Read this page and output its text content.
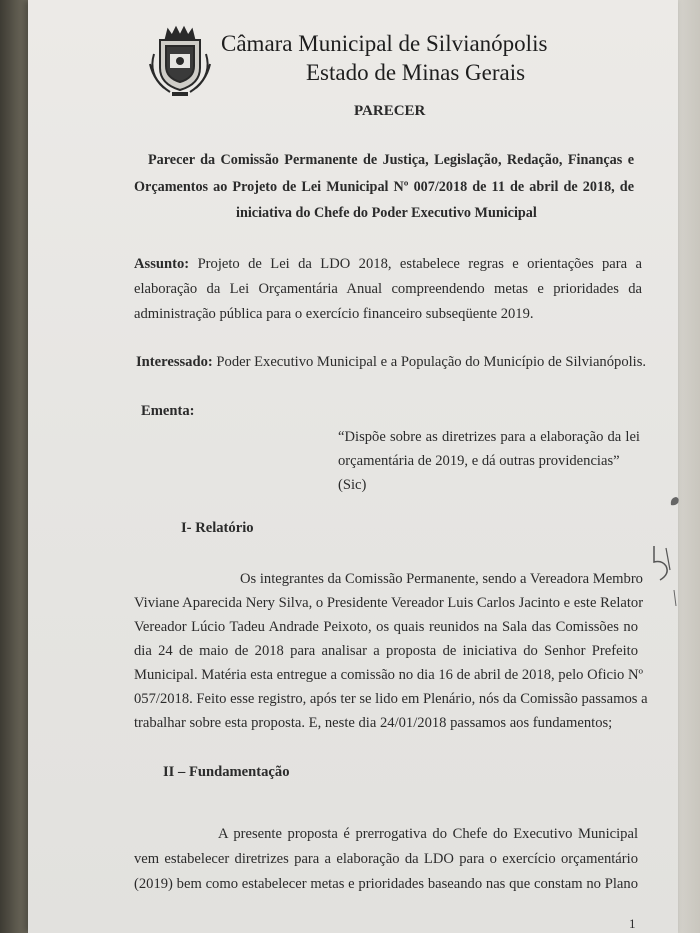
Câmara Municipal de Silvianópolis
Estado de Minas Gerais
PARECER
Parecer da Comissão Permanente de Justiça, Legislação, Redação, Finanças e
Orçamentos ao Projeto de Lei Municipal Nº 007/2018 de 11 de abril de 2018, de
iniciativa do Chefe do Poder Executivo Municipal
Assunto: Projeto de Lei da LDO 2018, estabelece regras e orientações para a
elaboração da Lei Orçamentária Anual compreendendo metas e prioridades da
administração pública para o exercício financeiro subseqüente 2019.
Interessado: Poder Executivo Municipal e a População do Município de Silvianópolis.
Ementa:
“Dispõe sobre as diretrizes para a elaboração da lei
orçamentária de 2019, e dá outras providencias”
(Sic)
I- Relatório
Os integrantes da Comissão Permanente, sendo a Vereadora Membro
Viviane Aparecida Nery Silva, o Presidente Vereador Luis Carlos Jacinto e este Relator
Vereador Lúcio Tadeu Andrade Peixoto, os quais reunidos na Sala das Comissões no
dia 24 de maio de 2018 para analisar a proposta de iniciativa do Senhor Prefeito
Municipal. Matéria esta entregue a comissão no dia 16 de abril de 2018, pelo Oficio Nº
057/2018. Feito esse registro, após ter se lido em Plenário, nós da Comissão passamos a
trabalhar sobre esta proposta. E, neste dia 24/01/2018 passamos aos fundamentos;
II – Fundamentação
A presente proposta é prerrogativa do Chefe do Executivo Municipal
vem estabelecer diretrizes para a elaboração da LDO para o exercício orçamentário
(2019) bem como estabelecer metas e prioridades baseando nas que constam no Plano
1
